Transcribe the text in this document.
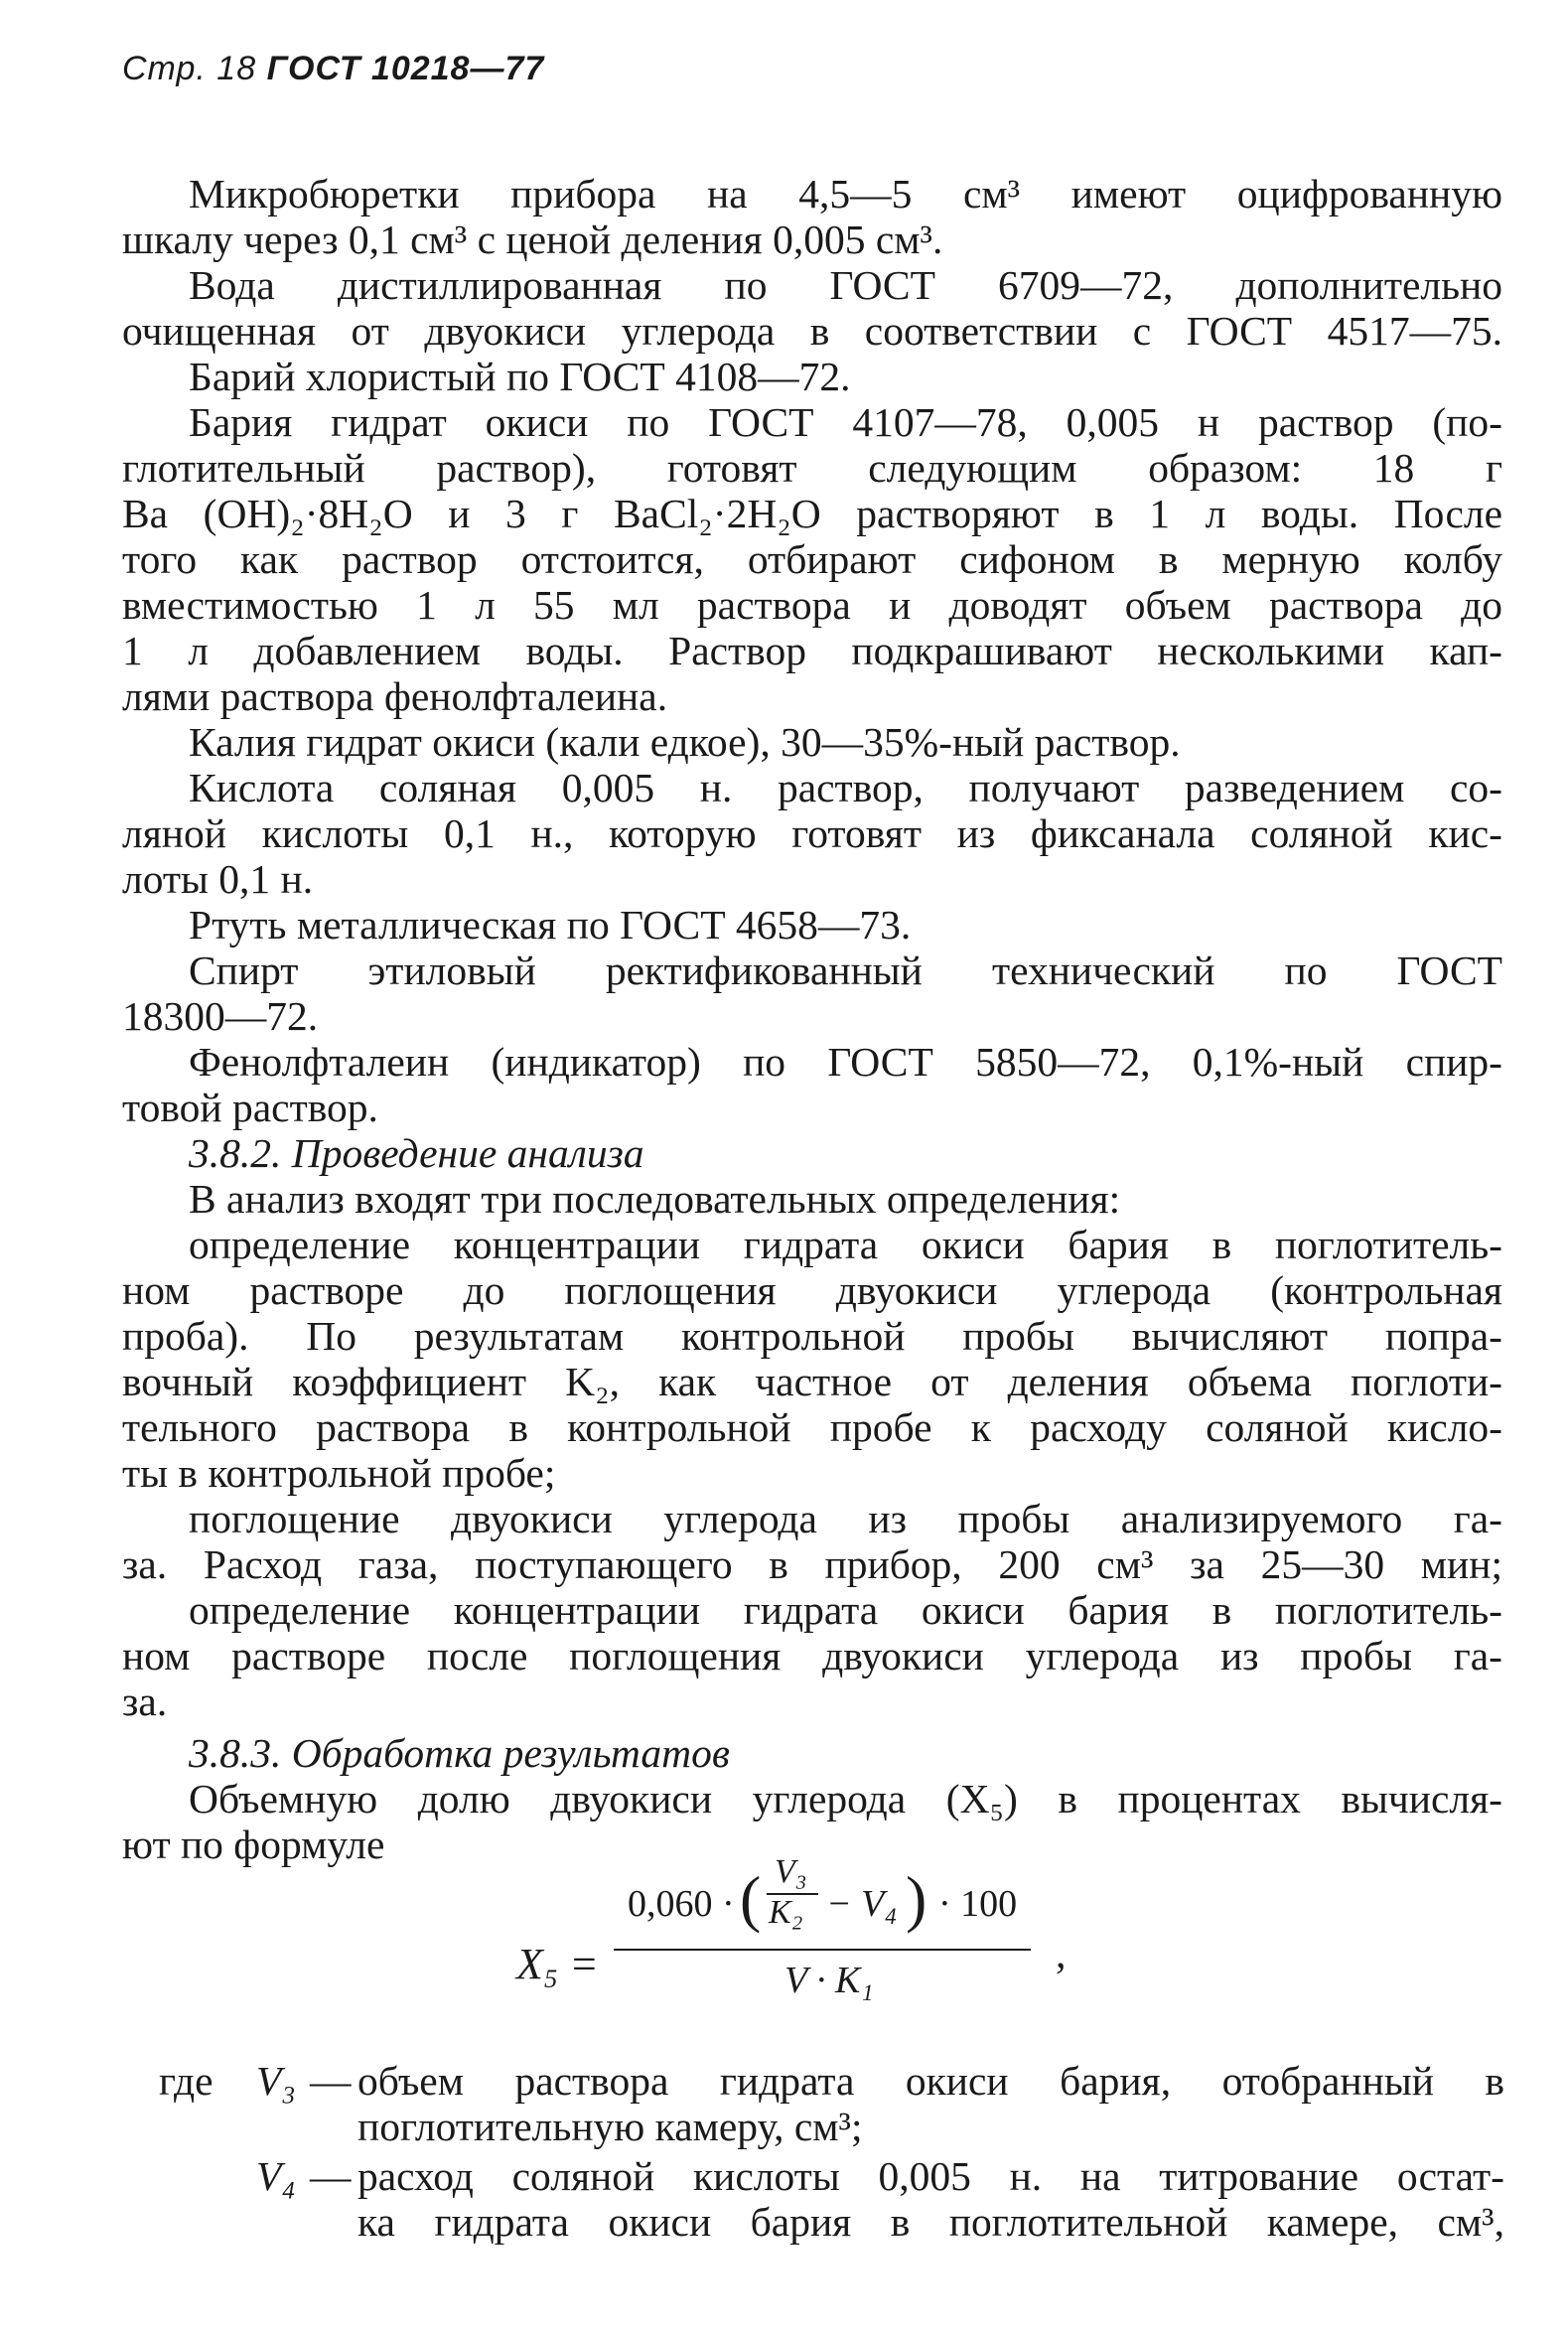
Стр. 18 ГОСТ 10218—77
Микробюретки прибора на 4,5—5 см³ имеют оцифрованную
шкалу через 0,1 см³ с ценой деления 0,005 см³.
Вода дистиллированная по ГОСТ 6709—72, дополнительно
очищенная от двуокиси углерода в соответствии с ГОСТ 4517—75.
Барий хлористый по ГОСТ 4108—72.
Бария гидрат окиси по ГОСТ 4107—78, 0,005 н раствор (по-
глотительный раствор), готовят следующим образом: 18 г
Ba (OH)₂·8H₂O и 3 г BaCl₂·2H₂O растворяют в 1 л воды. После
того как раствор отстоится, отбирают сифоном в мерную колбу
вместимостью 1 л 55 мл раствора и доводят объем раствора до
1 л добавлением воды. Раствор подкрашивают несколькими кап-
лями раствора фенолфталеина.
Калия гидрат окиси (кали едкое), 30—35%-ный раствор.
Кислота соляная 0,005 н. раствор, получают разведением со-
ляной кислоты 0,1 н., которую готовят из фиксанала соляной кис-
лоты 0,1 н.
Ртуть металлическая по ГОСТ 4658—73.
Спирт этиловый ректификованный технический по ГОСТ
18300—72.
Фенолфталеин (индикатор) по ГОСТ 5850—72, 0,1%-ный спир-
товой раствор.
3.8.2. Проведение анализа
В анализ входят три последовательных определения:
определение концентрации гидрата окиси бария в поглотитель-
ном растворе до поглощения двуокиси углерода (контрольная
проба). По результатам контрольной пробы вычисляют попра-
вочный коэффициент K₂, как частное от деления объема поглоти-
тельного раствора в контрольной пробе к расходу соляной кисло-
ты в контрольной пробе;
поглощение двуокиси углерода из пробы анализируемого га-
за. Расход газа, поступающего в прибор, 200 см³ за 25—30 мин;
определение концентрации гидрата окиси бария в поглотитель-
ном растворе после поглощения двуокиси углерода из пробы га-
за.
3.8.3. Обработка результатов
Объемную долю двуокиси углерода (X₅) в процентах вычисля-
ют по формуле
X₅ =
0,060 · ( V₃
K₂ − V₄ ) · 100
V · K₁
,
где V₃ — объем раствора гидрата окиси бария, отобранный в
поглотительную камеру, см³;
V₄ — расход соляной кислоты 0,005 н. на титрование остат-
ка гидрата окиси бария в поглотительной камере, см³,
